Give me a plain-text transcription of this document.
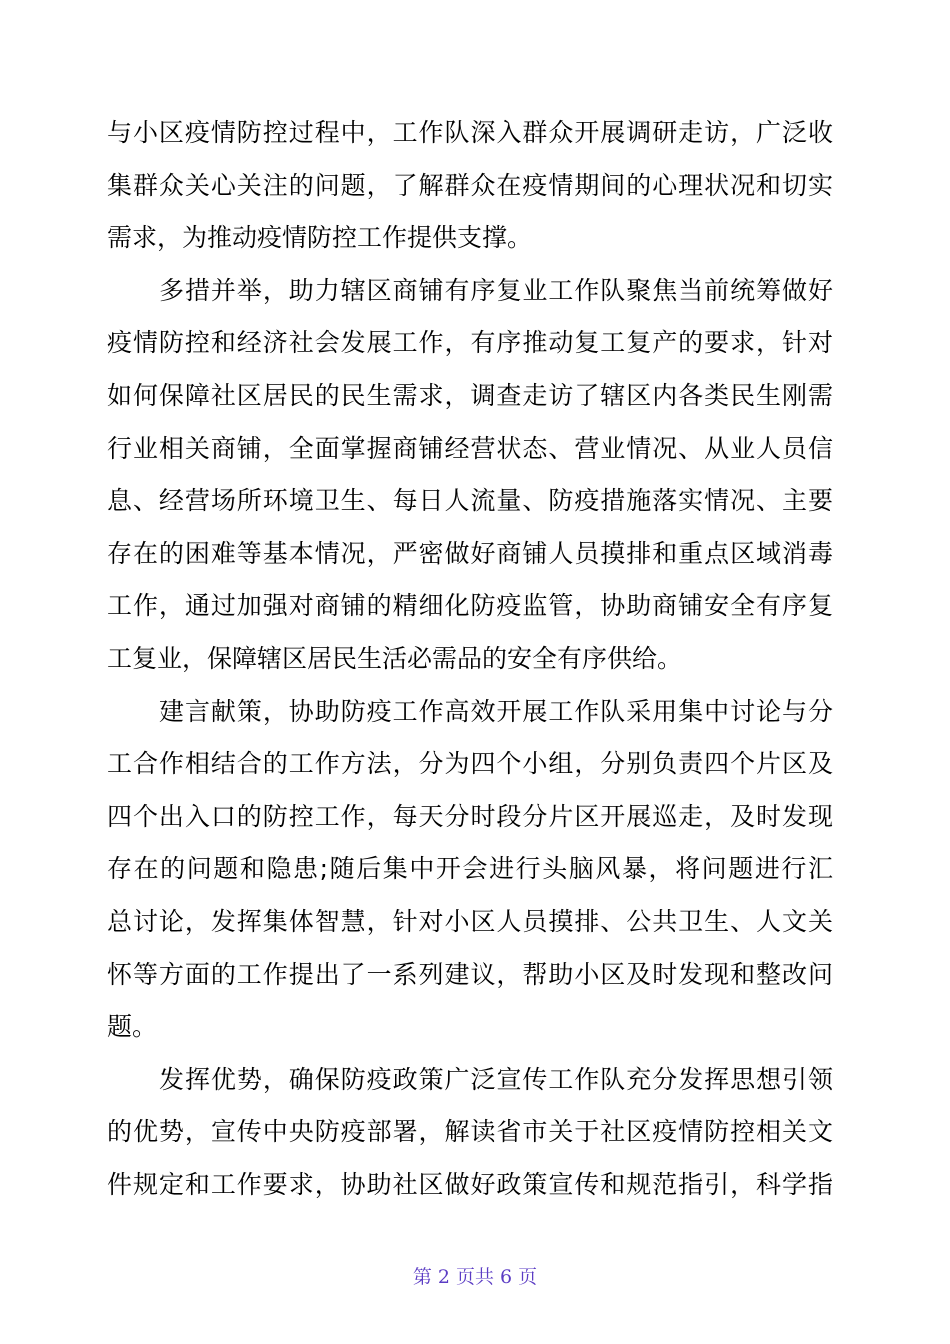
与小区疫情防控过程中，工作队深入群众开展调研走访，广泛收
集群众关心关注的问题，了解群众在疫情期间的心理状况和切实
需求，为推动疫情防控工作提供支撑。
多措并举，助力辖区商铺有序复业工作队聚焦当前统筹做好
疫情防控和经济社会发展工作，有序推动复工复产的要求，针对
如何保障社区居民的民生需求，调查走访了辖区内各类民生刚需
行业相关商铺，全面掌握商铺经营状态、营业情况、从业人员信
息、经营场所环境卫生、每日人流量、防疫措施落实情况、主要
存在的困难等基本情况，严密做好商铺人员摸排和重点区域消毒
工作，通过加强对商铺的精细化防疫监管，协助商铺安全有序复
工复业，保障辖区居民生活必需品的安全有序供给。
建言献策，协助防疫工作高效开展工作队采用集中讨论与分
工合作相结合的工作方法，分为四个小组，分别负责四个片区及
四个出入口的防控工作，每天分时段分片区开展巡走，及时发现
存在的问题和隐患;随后集中开会进行头脑风暴，将问题进行汇
总讨论，发挥集体智慧，针对小区人员摸排、公共卫生、人文关
怀等方面的工作提出了一系列建议，帮助小区及时发现和整改问
题。
发挥优势，确保防疫政策广泛宣传工作队充分发挥思想引领
的优势，宣传中央防疫部署，解读省市关于社区疫情防控相关文
件规定和工作要求，协助社区做好政策宣传和规范指引，科学指
第 2 页共 6 页
